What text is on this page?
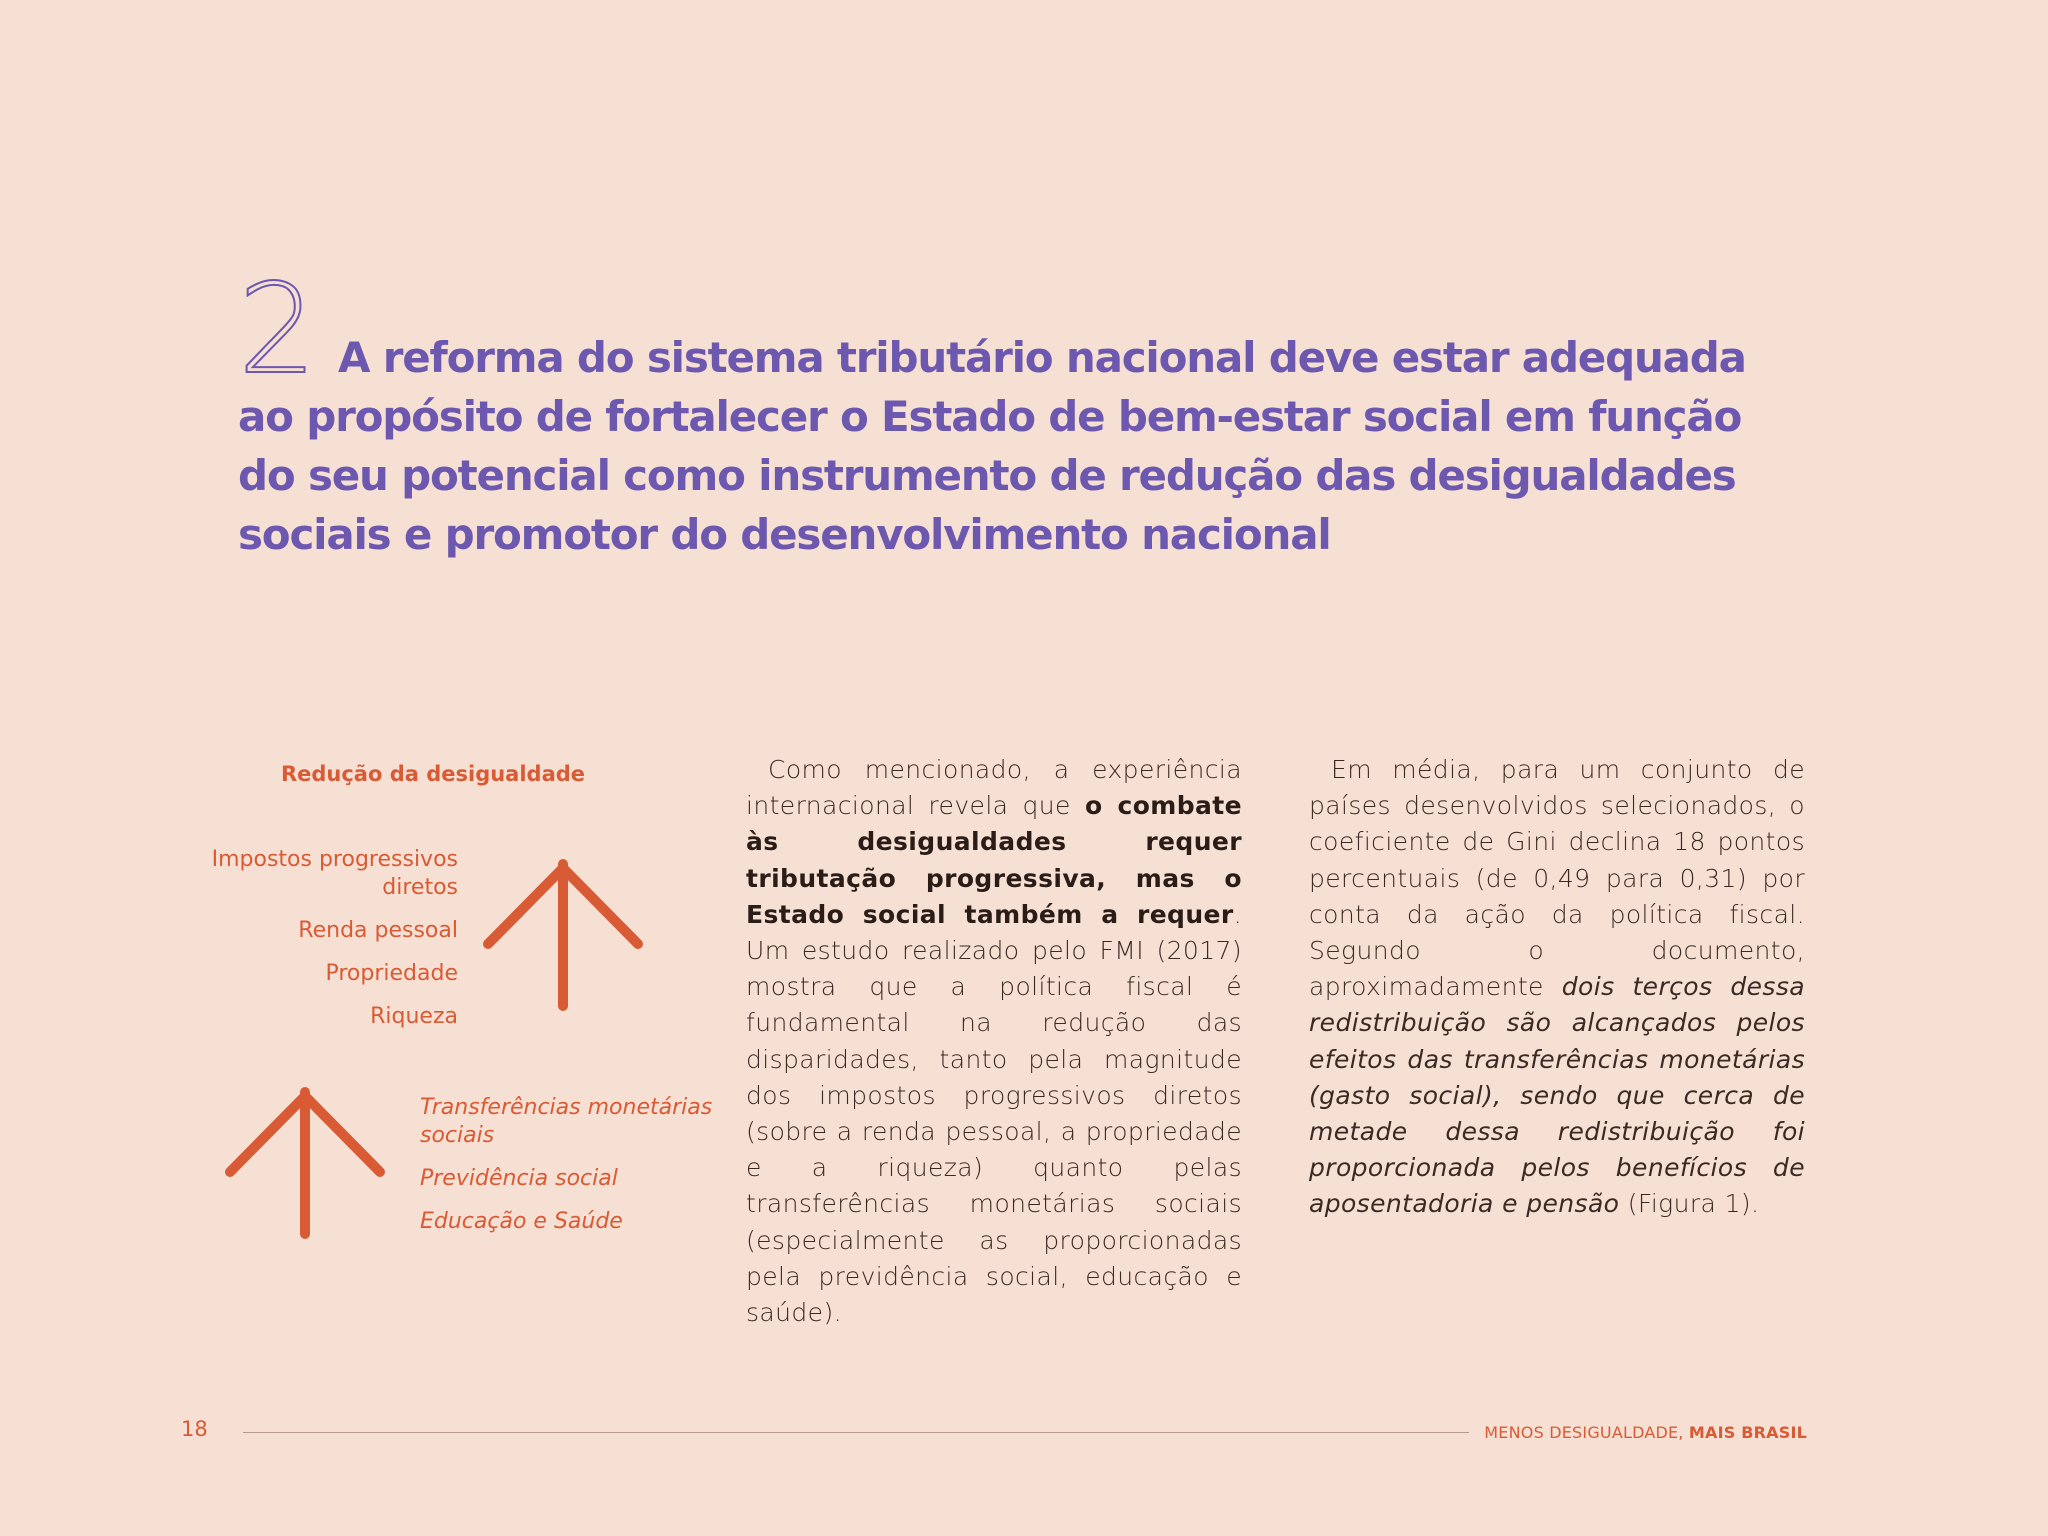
2 A reforma do sistema tributário nacional deve estar adequada ao propósito de fortalecer o Estado de bem-estar social em função do seu potencial como instrumento de redução das desigualdades sociais e promotor do desenvolvimento nacional
Redução da desigualdade
Impostos progressivos diretos
Renda pessoal
Propriedade
Riqueza
Transferências monetárias sociais
Previdência social
Educação e Saúde
Como mencionado, a experiência internacional revela que o combate às desigualdades requer tributação progressiva, mas o Estado social também a requer. Um estudo realizado pelo FMI (2017) mostra que a política fiscal é fundamental na redução das disparidades, tanto pela magnitude dos impostos progressivos diretos (sobre a renda pessoal, a propriedade e a riqueza) quanto pelas transferências monetárias sociais (especialmente as proporcionadas pela previdência social, educação e saúde).
Em média, para um conjunto de países desenvolvidos selecionados, o coeficiente de Gini declina 18 pontos percentuais (de 0,49 para 0,31) por conta da ação da política fiscal. Segundo o documento, aproximadamente dois terços dessa redistribuição são alcançados pelos efeitos das transferências monetárias (gasto social), sendo que cerca de metade dessa redistribuição foi proporcionada pelos benefícios de aposentadoria e pensão (Figura 1).
18	MENOS DESIGUALDADE, MAIS BRASIL
